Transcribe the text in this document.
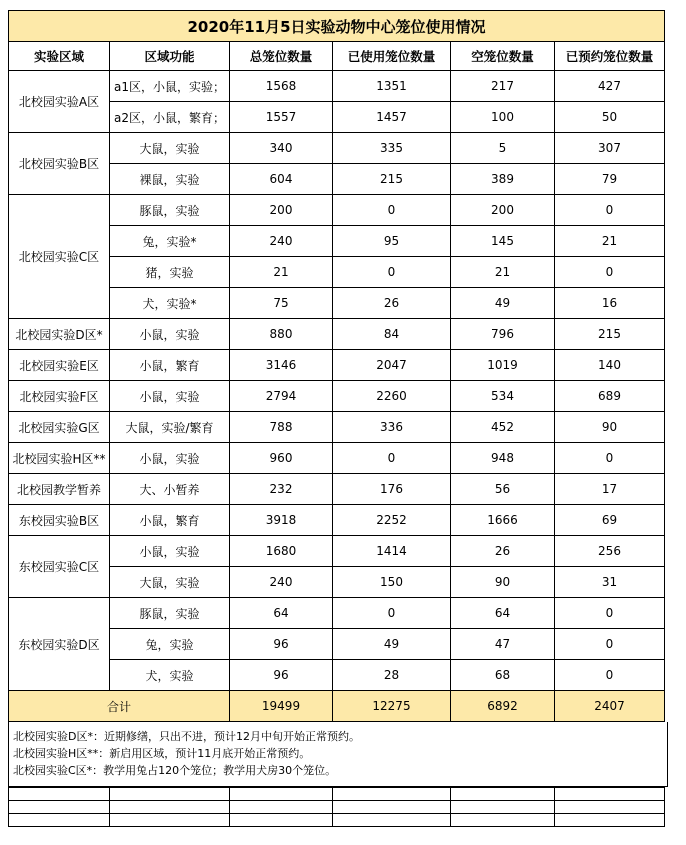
2020年11月5日实验动物中心笼位使用情况					
实验区域	区域功能	总笼位数量	已使用笼位数量	空笼位数量	已预约笼位数量
北校园实验A区	a1区，小鼠，实验；	1568	1351	217	427
	a2区，小鼠，繁育；	1557	1457	100	50
北校园实验B区	大鼠，实验	340	335	5	307
	裸鼠，实验	604	215	389	79
北校园实验C区	豚鼠，实验	200	0	200	0
	兔，实验*	240	95	145	21
	猪，实验	21	0	21	0
	犬，实验*	75	26	49	16
北校园实验D区*	小鼠，实验	880	84	796	215
北校园实验E区	小鼠，繁育	3146	2047	1019	140
北校园实验F区	小鼠，实验	2794	2260	534	689
北校园实验G区	大鼠，实验/繁育	788	336	452	90
北校园实验H区**	小鼠，实验	960	0	948	0
北校园教学暂养	大、小暂养	232	176	56	17
东校园实验B区	小鼠，繁育	3918	2252	1666	69
东校园实验C区	小鼠，实验	1680	1414	26	256
	大鼠，实验	240	150	90	31
东校园实验D区	豚鼠，实验	64	0	64	0
	兔，实验	96	49	47	0
	犬，实验	96	28	68	0
合计		19499	12275	6892	2407
北校园实验D区*：近期修缮，只出不进，预计12月中旬开始正常预约。
北校园实验H区**：新启用区域，预计11月底开始正常预约。
北校园实验C区*：教学用兔占120个笼位；教学用犬房30个笼位。
